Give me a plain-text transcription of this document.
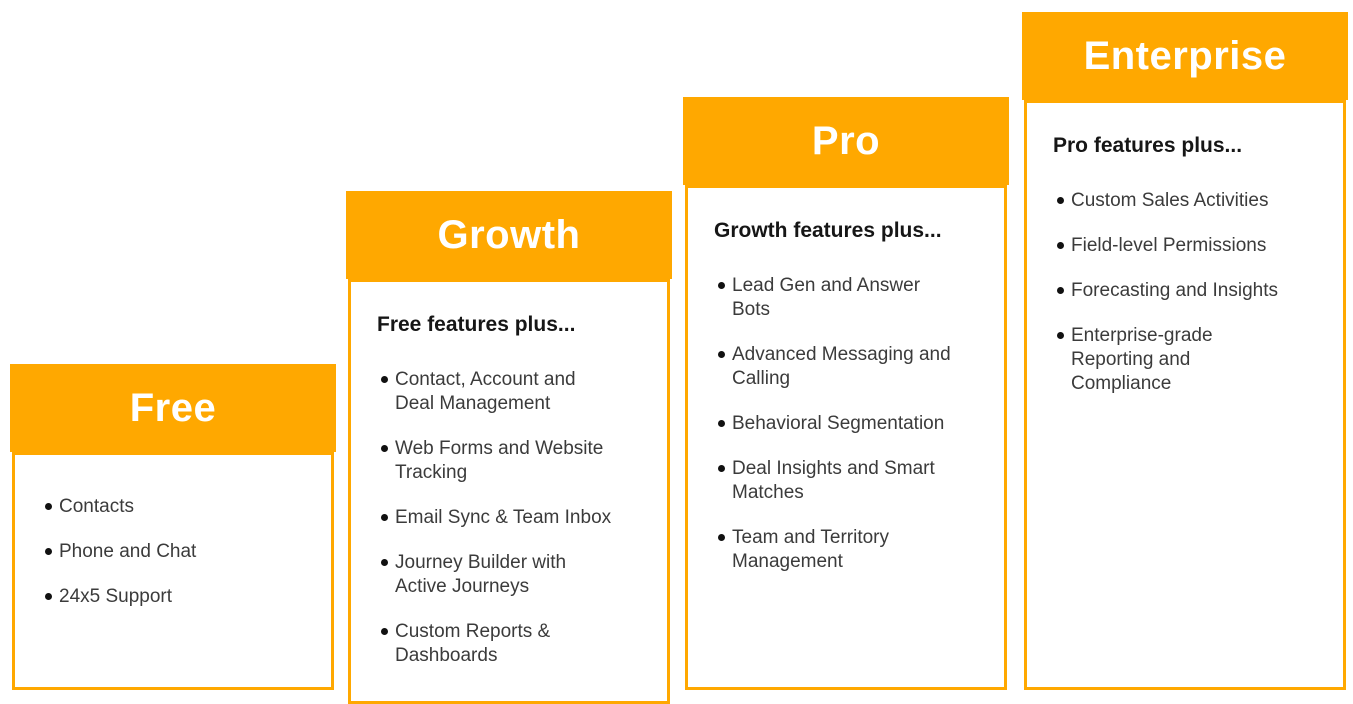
Free
Contacts
Phone and Chat
24x5 Support
Growth
Free features plus...
Contact, Account and Deal Management
Web Forms and Website Tracking
Email Sync & Team Inbox
Journey Builder with Active Journeys
Custom Reports & Dashboards
Pro
Growth features plus...
Lead Gen and Answer Bots
Advanced Messaging and Calling
Behavioral Segmentation
Deal Insights and Smart Matches
Team and Territory Management
Enterprise
Pro features plus...
Custom Sales Activities
Field-level Permissions
Forecasting and Insights
Enterprise-grade Reporting and Compliance
